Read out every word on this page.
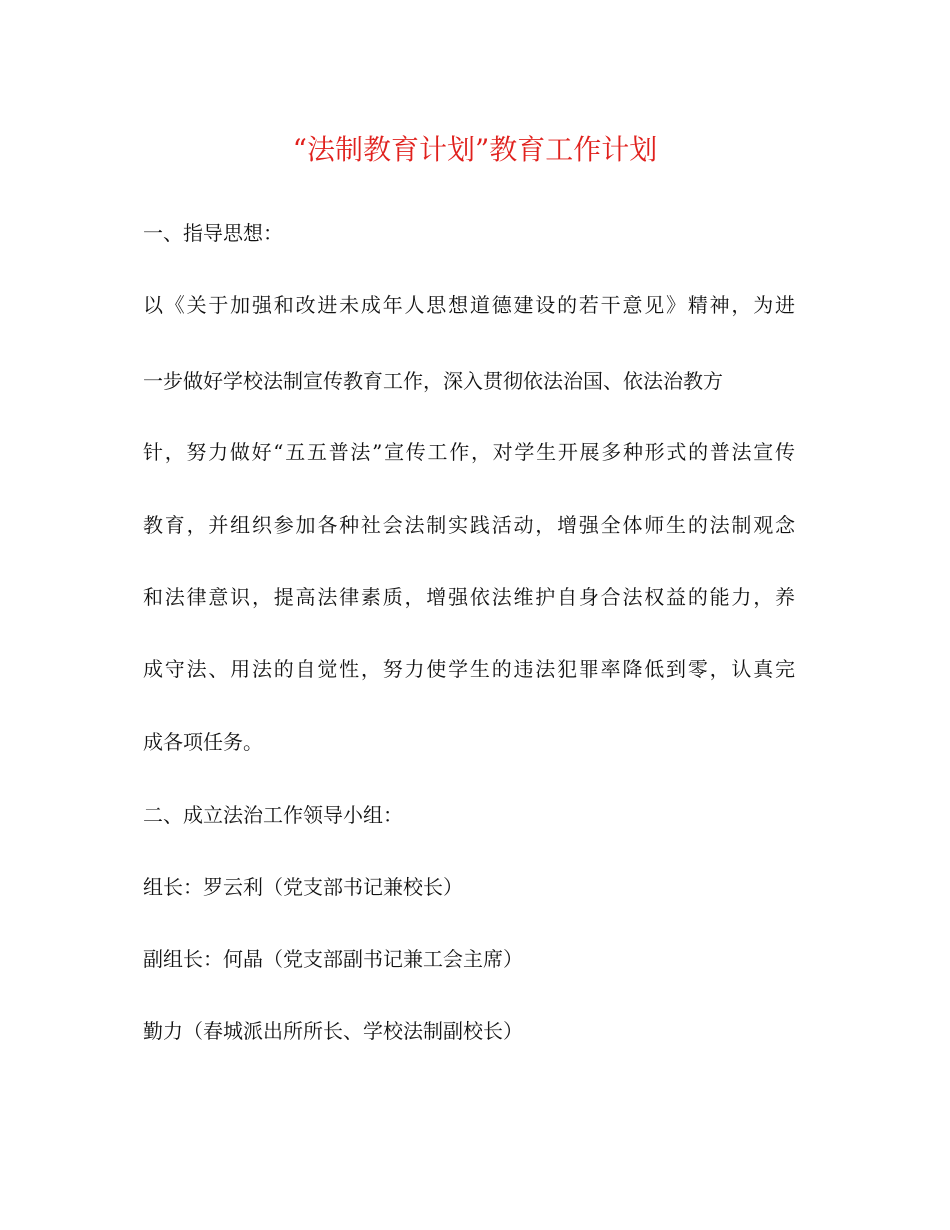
“法制教育计划”教育工作计划

一、指导思想：

以《关于加强和改进未成年人思想道德建设的若干意见》精神，为进

一步做好学校法制宣传教育工作，深入贯彻依法治国、依法治教方

针，努力做好“五五普法”宣传工作，对学生开展多种形式的普法宣传

教育，并组织参加各种社会法制实践活动，增强全体师生的法制观念

和法律意识，提高法律素质，增强依法维护自身合法权益的能力，养

成守法、用法的自觉性，努力使学生的违法犯罪率降低到零，认真完

成各项任务。

二、成立法治工作领导小组：

组长：罗云利（党支部书记兼校长）

副组长：何晶（党支部副书记兼工会主席）

勤力（春城派出所所长、学校法制副校长）
